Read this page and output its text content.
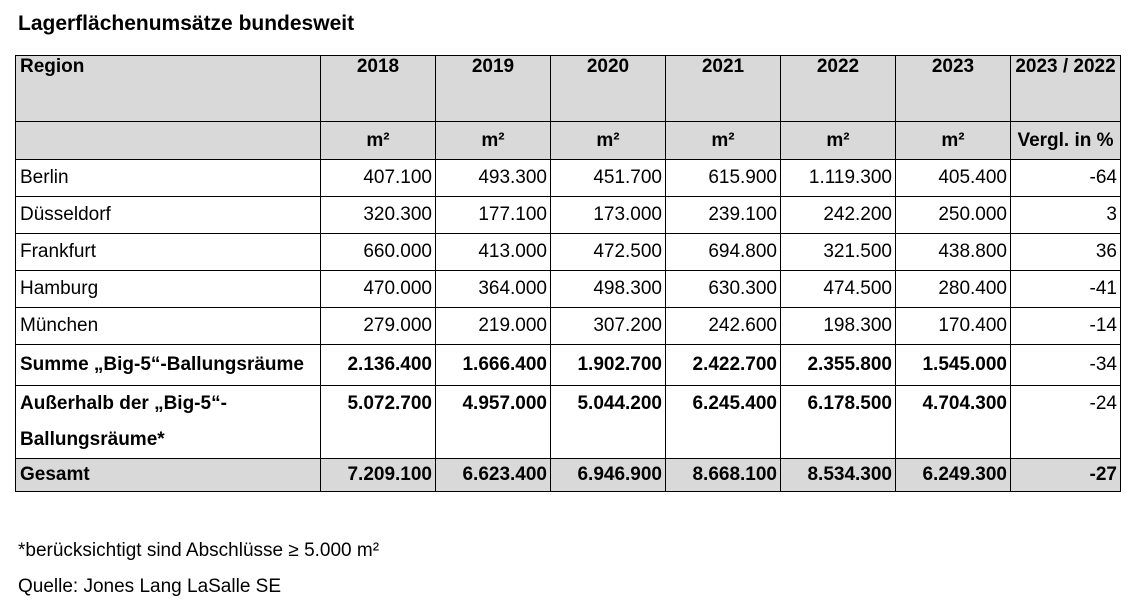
Lagerflächenumsätze bundesweit
Region	2018	2019	2020	2021	2022	2023	2023 / 2022
	m²	m²	m²	m²	m²	m²	Vergl. in %
Berlin	407.100	493.300	451.700	615.900	1.119.300	405.400	-64
Düsseldorf	320.300	177.100	173.000	239.100	242.200	250.000	3
Frankfurt	660.000	413.000	472.500	694.800	321.500	438.800	36
Hamburg	470.000	364.000	498.300	630.300	474.500	280.400	-41
München	279.000	219.000	307.200	242.600	198.300	170.400	-14
Summe „Big-5“-Ballungsräume	2.136.400	1.666.400	1.902.700	2.422.700	2.355.800	1.545.000	-34
Außerhalb der „Big-5“-Ballungsräume*	5.072.700	4.957.000	5.044.200	6.245.400	6.178.500	4.704.300	-24
Gesamt	7.209.100	6.623.400	6.946.900	8.668.100	8.534.300	6.249.300	-27
*berücksichtigt sind Abschlüsse ≥ 5.000 m²
Quelle: Jones Lang LaSalle SE
